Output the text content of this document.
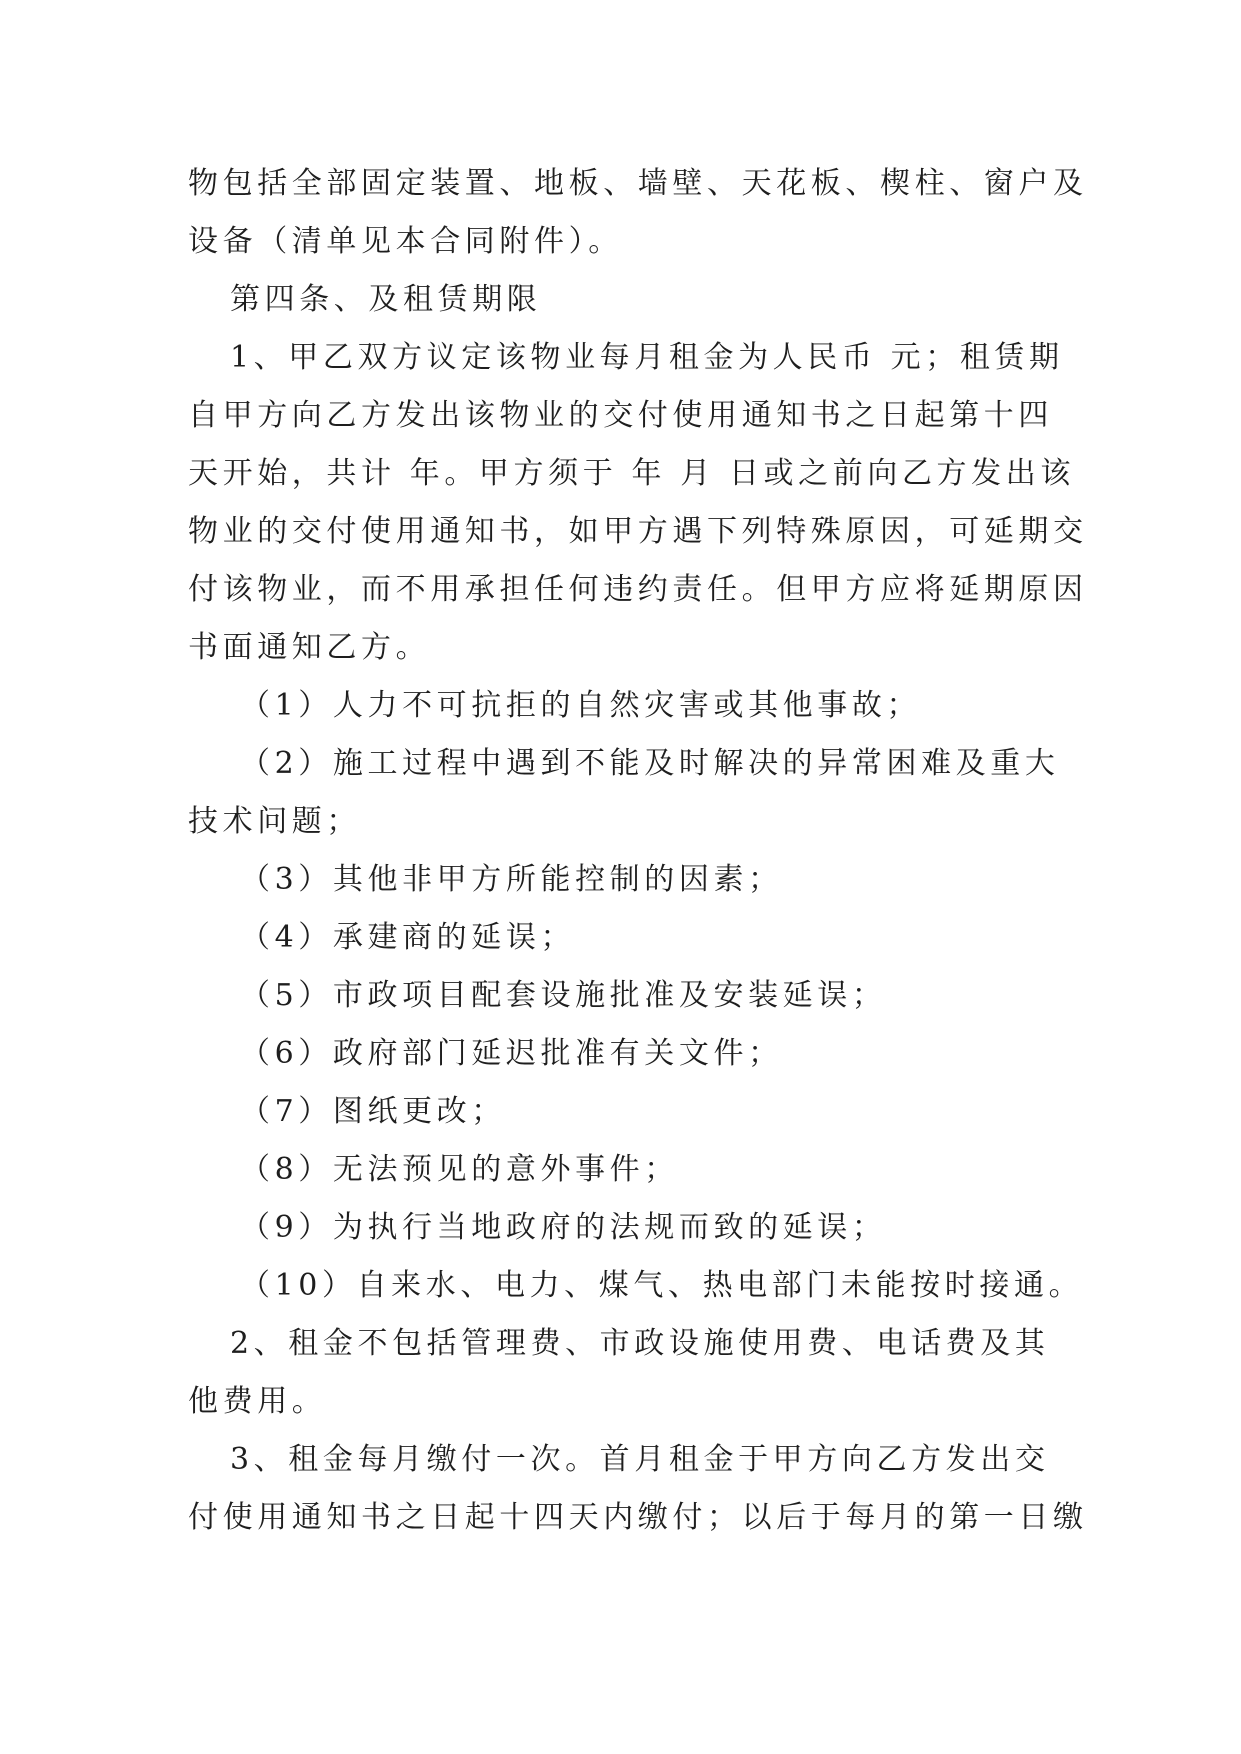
物包括全部固定装置、地板、墙壁、天花板、楔柱、窗户及

设备（清单见本合同附件）。

第四条、及租赁期限

1、甲乙双方议定该物业每月租金为人民币 元；租赁期

自甲方向乙方发出该物业的交付使用通知书之日起第十四

天开始，共计 年。甲方须于 年 月 日或之前向乙方发出该

物业的交付使用通知书，如甲方遇下列特殊原因，可延期交

付该物业，而不用承担任何违约责任。但甲方应将延期原因

书面通知乙方。

（1）人力不可抗拒的自然灾害或其他事故；

（2）施工过程中遇到不能及时解决的异常困难及重大

技术问题；

（3）其他非甲方所能控制的因素；

（4）承建商的延误；

（5）市政项目配套设施批准及安装延误；

（6）政府部门延迟批准有关文件；

（7）图纸更改；

（8）无法预见的意外事件；

（9）为执行当地政府的法规而致的延误；

（10）自来水、电力、煤气、热电部门未能按时接通。

2、租金不包括管理费、市政设施使用费、电话费及其

他费用。

3、租金每月缴付一次。首月租金于甲方向乙方发出交

付使用通知书之日起十四天内缴付；以后于每月的第一日缴
